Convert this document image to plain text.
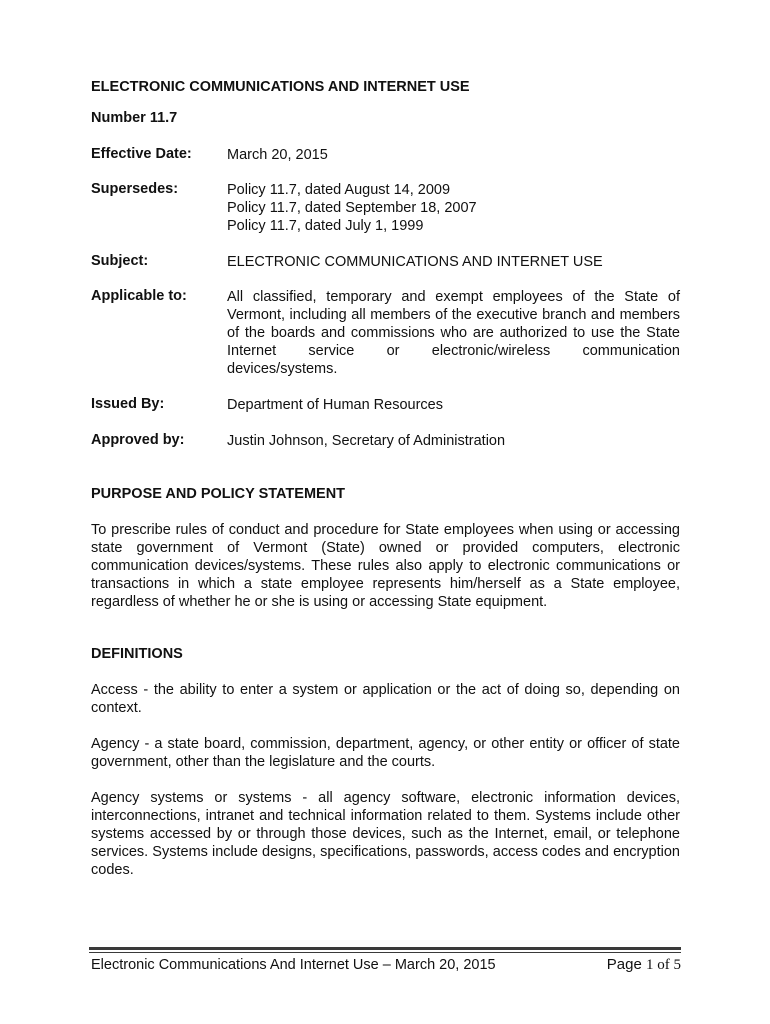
ELECTRONIC COMMUNICATIONS AND INTERNET USE
Number 11.7
Effective Date: March 20, 2015
Supersedes:	Policy 11.7, dated August 14, 2009
Policy 11.7, dated September 18, 2007
Policy 11.7, dated July 1, 1999
Subject:	ELECTRONIC COMMUNICATIONS AND INTERNET USE
Applicable to:	All classified, temporary and exempt employees of the State of Vermont, including all members of the executive branch and members of the boards and commissions who are authorized to use the State Internet service or electronic/wireless communication devices/systems.
Issued By:	Department of Human Resources
Approved by:	Justin Johnson, Secretary of Administration
PURPOSE AND POLICY STATEMENT
To prescribe rules of conduct and procedure for State employees when using or accessing state government of Vermont (State) owned or provided computers, electronic communication devices/systems. These rules also apply to electronic communications or transactions in which a state employee represents him/herself as a State employee, regardless of whether he or she is using or accessing State equipment.
DEFINITIONS
Access - the ability to enter a system or application or the act of doing so, depending on context.
Agency - a state board, commission, department, agency, or other entity or officer of state government, other than the legislature and the courts.
Agency systems or systems - all agency software, electronic information devices, interconnections, intranet and technical information related to them. Systems include other systems accessed by or through those devices, such as the Internet, email, or telephone services. Systems include designs, specifications, passwords, access codes and encryption codes.
Electronic Communications And Internet Use – March 20, 2015	Page 1 of 5
